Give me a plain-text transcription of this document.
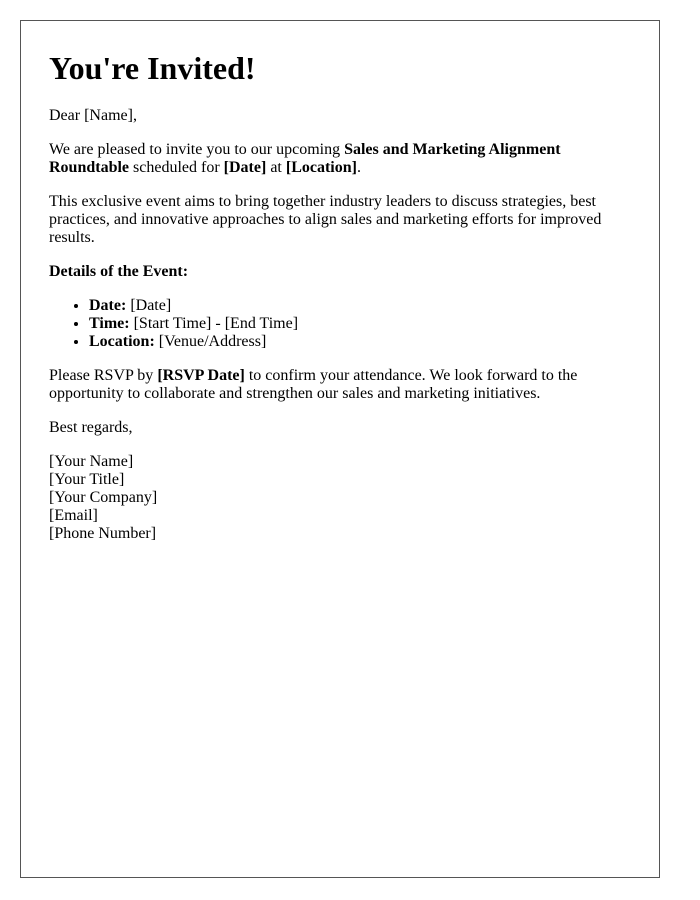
You're Invited!

Dear [Name],

We are pleased to invite you to our upcoming Sales and Marketing Alignment Roundtable scheduled for [Date] at [Location].

This exclusive event aims to bring together industry leaders to discuss strategies, best practices, and innovative approaches to align sales and marketing efforts for improved results.

Details of the Event:

• Date: [Date]
• Time: [Start Time] - [End Time]
• Location: [Venue/Address]

Please RSVP by [RSVP Date] to confirm your attendance. We look forward to the opportunity to collaborate and strengthen our sales and marketing initiatives.

Best regards,

[Your Name]

[Your Title]

[Your Company]

[Email]

[Phone Number]
